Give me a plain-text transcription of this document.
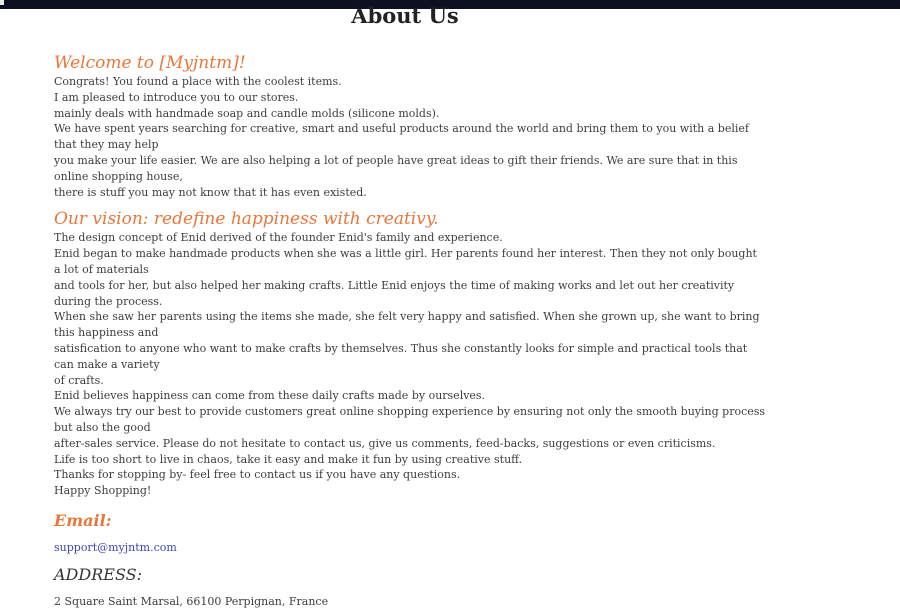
About Us
Welcome to [Myjntm]!

Congrats! You found a place with the coolest items.
I am pleased to introduce you to our stores.
mainly deals with handmade soap and candle molds (silicone molds).

We have spent years searching for creative, smart and useful products around the world and bring them to you with a belief that they may help
you make your life easier. We are also helping a lot of people have great ideas to gift their friends. We are sure that in this online shopping house,
there is stuff you may not know that it has even existed.

Our vision: redefine happiness with creativy.

The design concept of Enid derived of the founder Enid's family and experience.

Enid began to make handmade products when she was a little girl. Her parents found her interest. Then they not only bought a lot of materials
and tools for her, but also helped her making crafts. Little Enid enjoys the time of making works and let out her creativity during the process.
When she saw her parents using the items she made, she felt very happy and satisfied. When she grown up, she want to bring this happiness and
satisfication to anyone who want to make crafts by themselves. Thus she constantly looks for simple and practical tools that can make a variety
of crafts.

Enid believes happiness can come from these daily crafts made by ourselves.

We always try our best to provide customers great online shopping experience by ensuring not only the smooth buying process but also the good
after-sales service. Please do not hesitate to contact us, give us comments, feed-backs, suggestions or even criticisms.

Life is too short to live in chaos, take it easy and make it fun by using creative stuff.

Thanks for stopping by- feel free to contact us if you have any questions.

Happy Shopping!

Email:
support@myjntm.com
ADDRESS:

2 Square Saint Marsal, 66100 Perpignan, France
